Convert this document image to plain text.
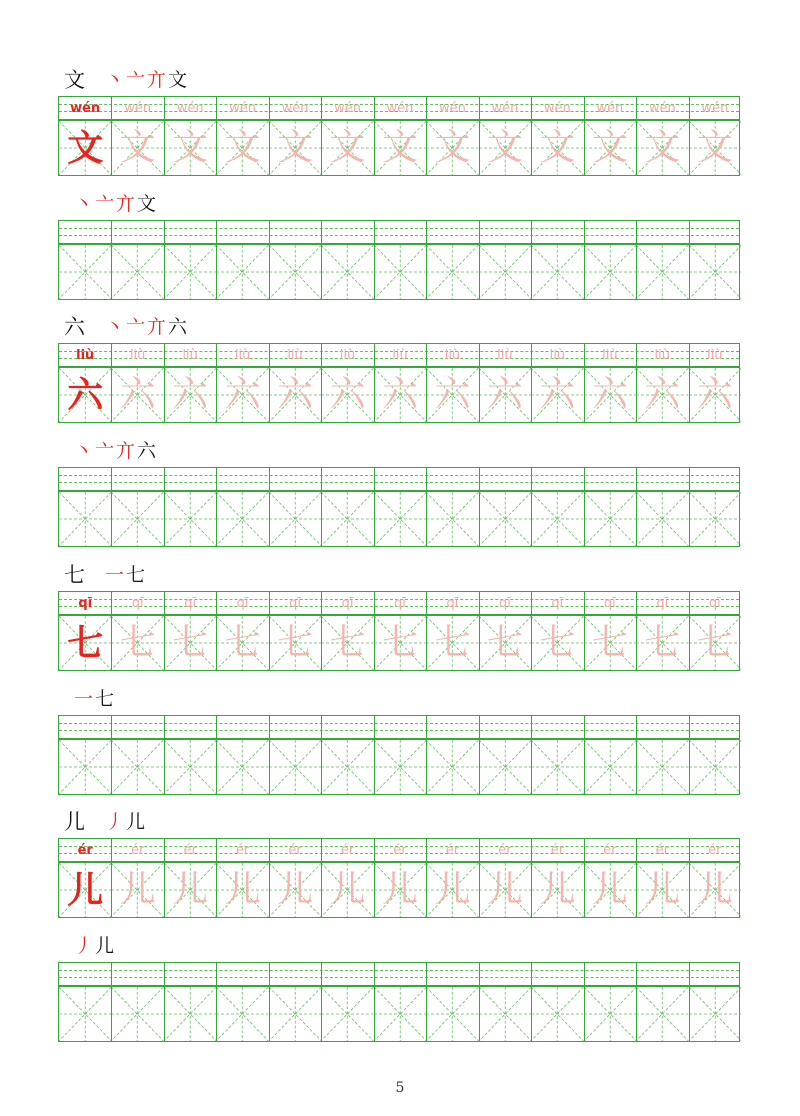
文 丶 亠 亣 文
wén	wén	wén	wén	wén	wén	wén	wén	wén	wén	wén	wén	wén
文 文 文 文 文 文 文 文 文 文 文 文 文
丶 亠 亣 文
六 丶 亠 亣 六
liù	liù	liù	liù	liù	liù	liù	liù	liù	liù	liù	liù	liù
六 六 六 六 六 六 六 六 六 六 六 六 六
丶 亠 亣 六
七 一 七
qī	qī	qī	qī	qī	qī	qī	qī	qī	qī	qī	qī	qī
七 七 七 七 七 七 七 七 七 七 七 七 七
一 七
儿 丿 儿
ér	ér	ér	ér	ér	ér	ér	ér	ér	ér	ér	ér	ér
儿 儿 儿 儿 儿 儿 儿 儿 儿 儿 儿 儿 儿
丿 儿
5
